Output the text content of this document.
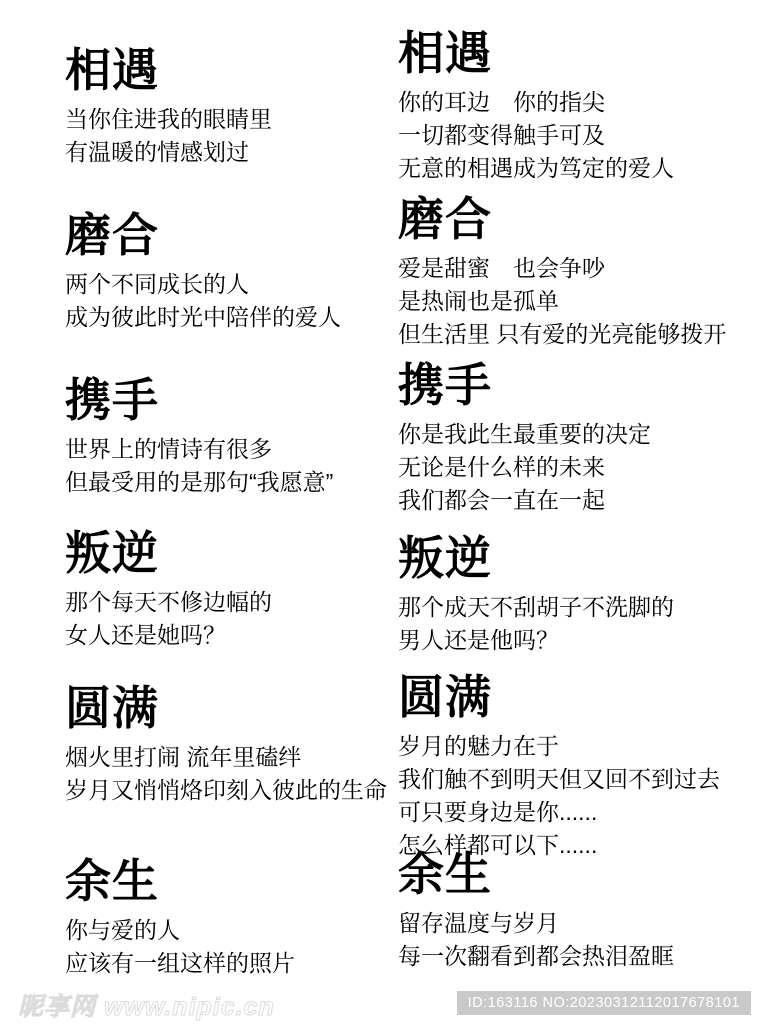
相遇
当你住进我的眼睛里
有温暖的情感划过
磨合
两个不同成长的人
成为彼此时光中陪伴的爱人
携手
世界上的情诗有很多
但最受用的是那句“我愿意”
叛逆
那个每天不修边幅的
女人还是她吗？
圆满
烟火里打闹 流年里磕绊
岁月又悄悄烙印刻入彼此的生命
余生
你与爱的人
应该有一组这样的照片
相遇
你的耳边　你的指尖
一切都变得触手可及
无意的相遇成为笃定的爱人
磨合
爱是甜蜜　也会争吵
是热闹也是孤单
但生活里 只有爱的光亮能够拨开
携手
你是我此生最重要的决定
无论是什么样的未来
我们都会一直在一起
叛逆
那个成天不刮胡子不洗脚的
男人还是他吗？
圆满
岁月的魅力在于
我们触不到明天但又回不到过去
可只要身边是你......
怎么样都可以下......
余生
留存温度与岁月
每一次翻看到都会热泪盈眶
昵享网 www.nipic.cn	ID:163116 NO:20230312112017678101
